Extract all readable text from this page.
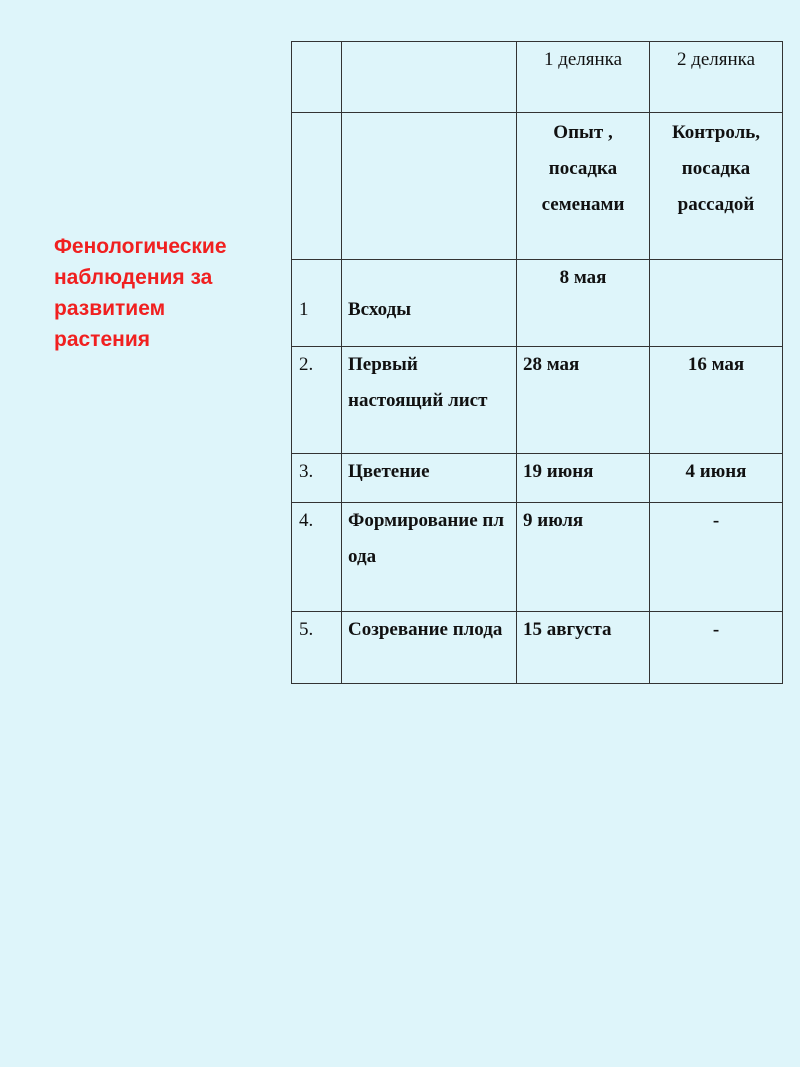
Фенологические
наблюдения за
развитием
растения
		1 делянка	2 делянка
		Опыт , посадка семенами	Контроль, посадка рассадой
1	Всходы	8 мая	
2.	Первый настоящий лист	28 мая	16 мая
3.	Цветение	19 июня	4 июня
4.	Формирование плода	9 июля	-
5.	Созревание плода	15 августа	-
